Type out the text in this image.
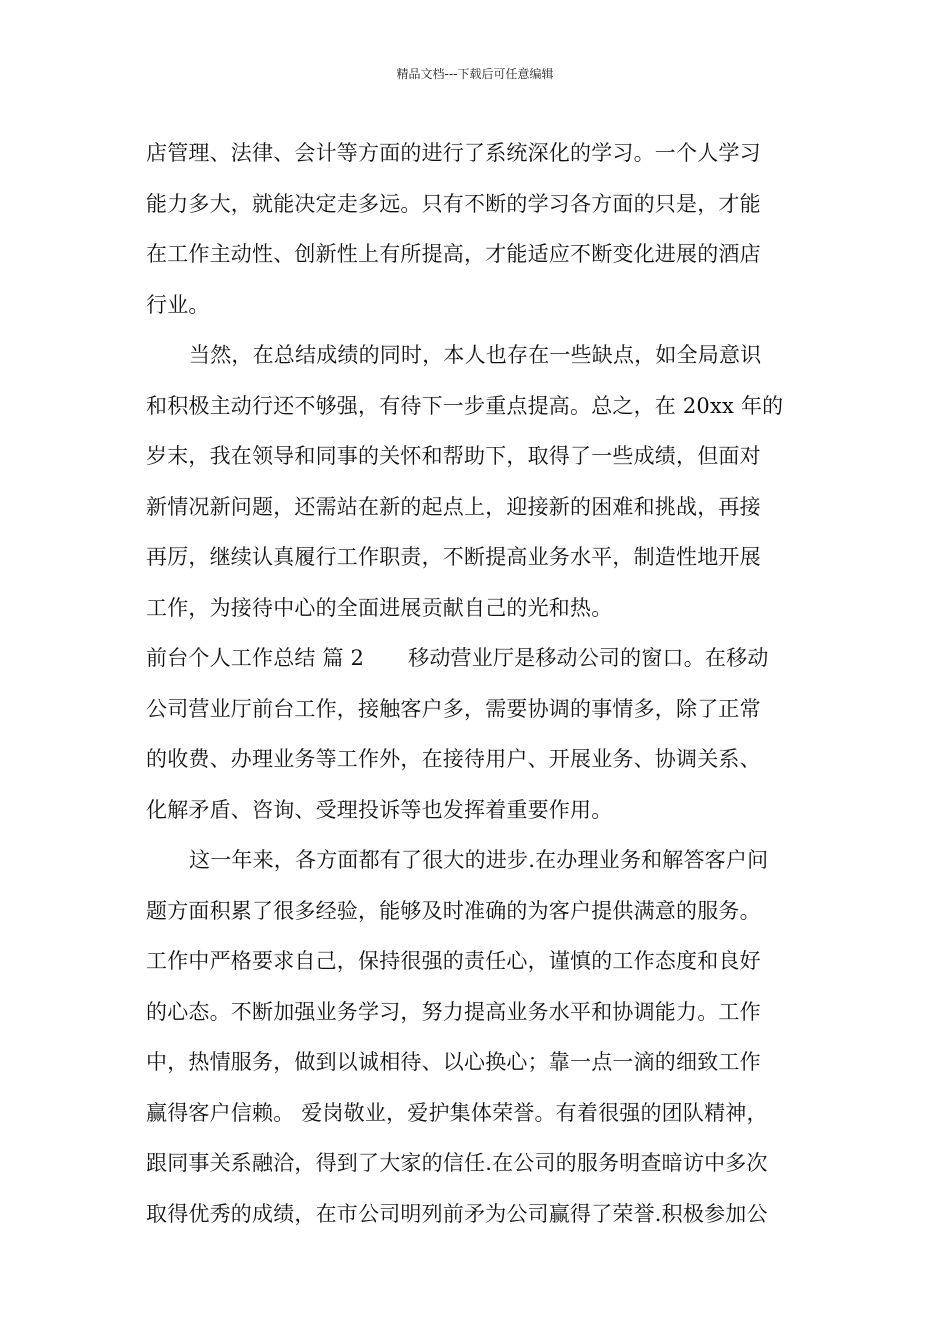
精品文档---下载后可任意编辑
店管理、法律、会计等方面的进行了系统深化的学习。一个人学习
能力多大，就能决定走多远。只有不断的学习各方面的只是，才能
在工作主动性、创新性上有所提高，才能适应不断变化进展的酒店
行业。
当然，在总结成绩的同时，本人也存在一些缺点，如全局意识
和积极主动行还不够强，有待下一步重点提高。总之，在 20xx 年的
岁末，我在领导和同事的关怀和帮助下，取得了一些成绩，但面对
新情况新问题，还需站在新的起点上，迎接新的困难和挑战，再接
再厉，继续认真履行工作职责，不断提高业务水平，制造性地开展
工作，为接待中心的全面进展贡献自己的光和热。
前台个人工作总结 篇 2 移动营业厅是移动公司的窗口。在移动
公司营业厅前台工作，接触客户多，需要协调的事情多，除了正常
的收费、办理业务等工作外，在接待用户、开展业务、协调关系、
化解矛盾、咨询、受理投诉等也发挥着重要作用。
这一年来，各方面都有了很大的进步.在办理业务和解答客户问
题方面积累了很多经验，能够及时准确的为客户提供满意的服务。
工作中严格要求自己，保持很强的责任心，谨慎的工作态度和良好
的心态。不断加强业务学习，努力提高业务水平和协调能力。工作
中，热情服务，做到以诚相待、以心换心；靠一点一滴的细致工作
赢得客户信赖。 爱岗敬业，爱护集体荣誉。有着很强的团队精神，
跟同事关系融洽，得到了大家的信任.在公司的服务明查暗访中多次
取得优秀的成绩，在市公司明列前矛为公司赢得了荣誉.积极参加公
